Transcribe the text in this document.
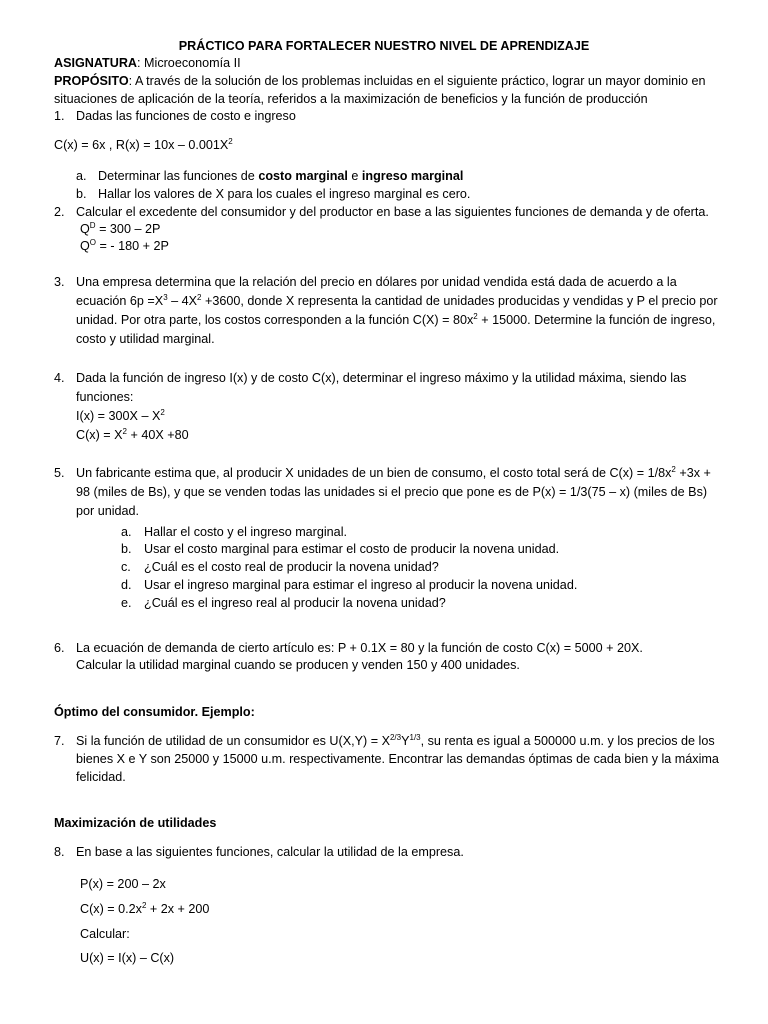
PRÁCTICO PARA FORTALECER NUESTRO NIVEL DE APRENDIZAJE
ASIGNATURA: Microeconomía II
PROPÓSITO: A través de la solución de los problemas incluidas en el siguiente práctico, lograr un mayor dominio en
situaciones de aplicación de la teoría, referidos a la maximización de beneficios y la función de producción
1. Dadas las funciones de costo e ingreso
C(x) = 6x , $R(x) = 10x - 0.001X^2$
a. Determinar las funciones de costo marginal e ingreso marginal
b. Hallar los valores de X para los cuales el ingreso marginal es cero.
2. Calcular el excedente del consumidor y del productor en base a las siguientes funciones de demanda y de oferta.
$Q^D = 300 - 2P$
$Q^O$ = - 180 + 2P
3. Una empresa determina que la relación del precio en dólares por unidad vendida está dada de acuerdo a la
ecuación $6p =X^3 - 4X^2 +3600$, donde X representa la cantidad de unidades producidas y vendidas y P el precio por
unidad. Por otra parte, los costos corresponden a la función $C(X) = 80x^2 + 15000$. Determine la función de ingreso,
costo y utilidad marginal.
4. Dada la función de ingreso I(x) y de costo C(x), determinar el ingreso máximo y la utilidad máxima, siendo las
funciones:
$I(x) = 300X - X^2$
$C(x) = X^2 + 40X +80$
5. Un fabricante estima que, al producir X unidades de un bien de consumo, el costo total será de $C(x) = 1/8x^2 +3x$ +
98 (miles de Bs), y que se venden todas las unidades si el precio que pone es de P(x) = 1/3(75 – x) (miles de Bs)
por unidad.
a. Hallar el costo y el ingreso marginal.
b. Usar el costo marginal para estimar el costo de producir la novena unidad.
c. ¿Cuál es el costo real de producir la novena unidad?
d. Usar el ingreso marginal para estimar el ingreso al producir la novena unidad.
e. ¿Cuál es el ingreso real al producir la novena unidad?
6. La ecuación de demanda de cierto artículo es: P + 0.1X = 80 y la función de costo C(x) = 5000 + 20X.
Calcular la utilidad marginal cuando se producen y venden 150 y 400 unidades.
Óptimo del consumidor. Ejemplo:
7. Si la función de utilidad de un consumidor es $U(X,Y) = X^{2/3}Y^{1/3}$, su renta es igual a 500000 u.m. y los precios de los
bienes X e Y son 25000 y 15000 u.m. respectivamente. Encontrar las demandas óptimas de cada bien y la máxima
felicidad.
Maximización de utilidades
8. En base a las siguientes funciones, calcular la utilidad de la empresa.
P(x) = 200 – 2x
$C(x) = 0.2x^2 + 2x + 200$
Calcular:
U(x) = I(x) – C(x)
